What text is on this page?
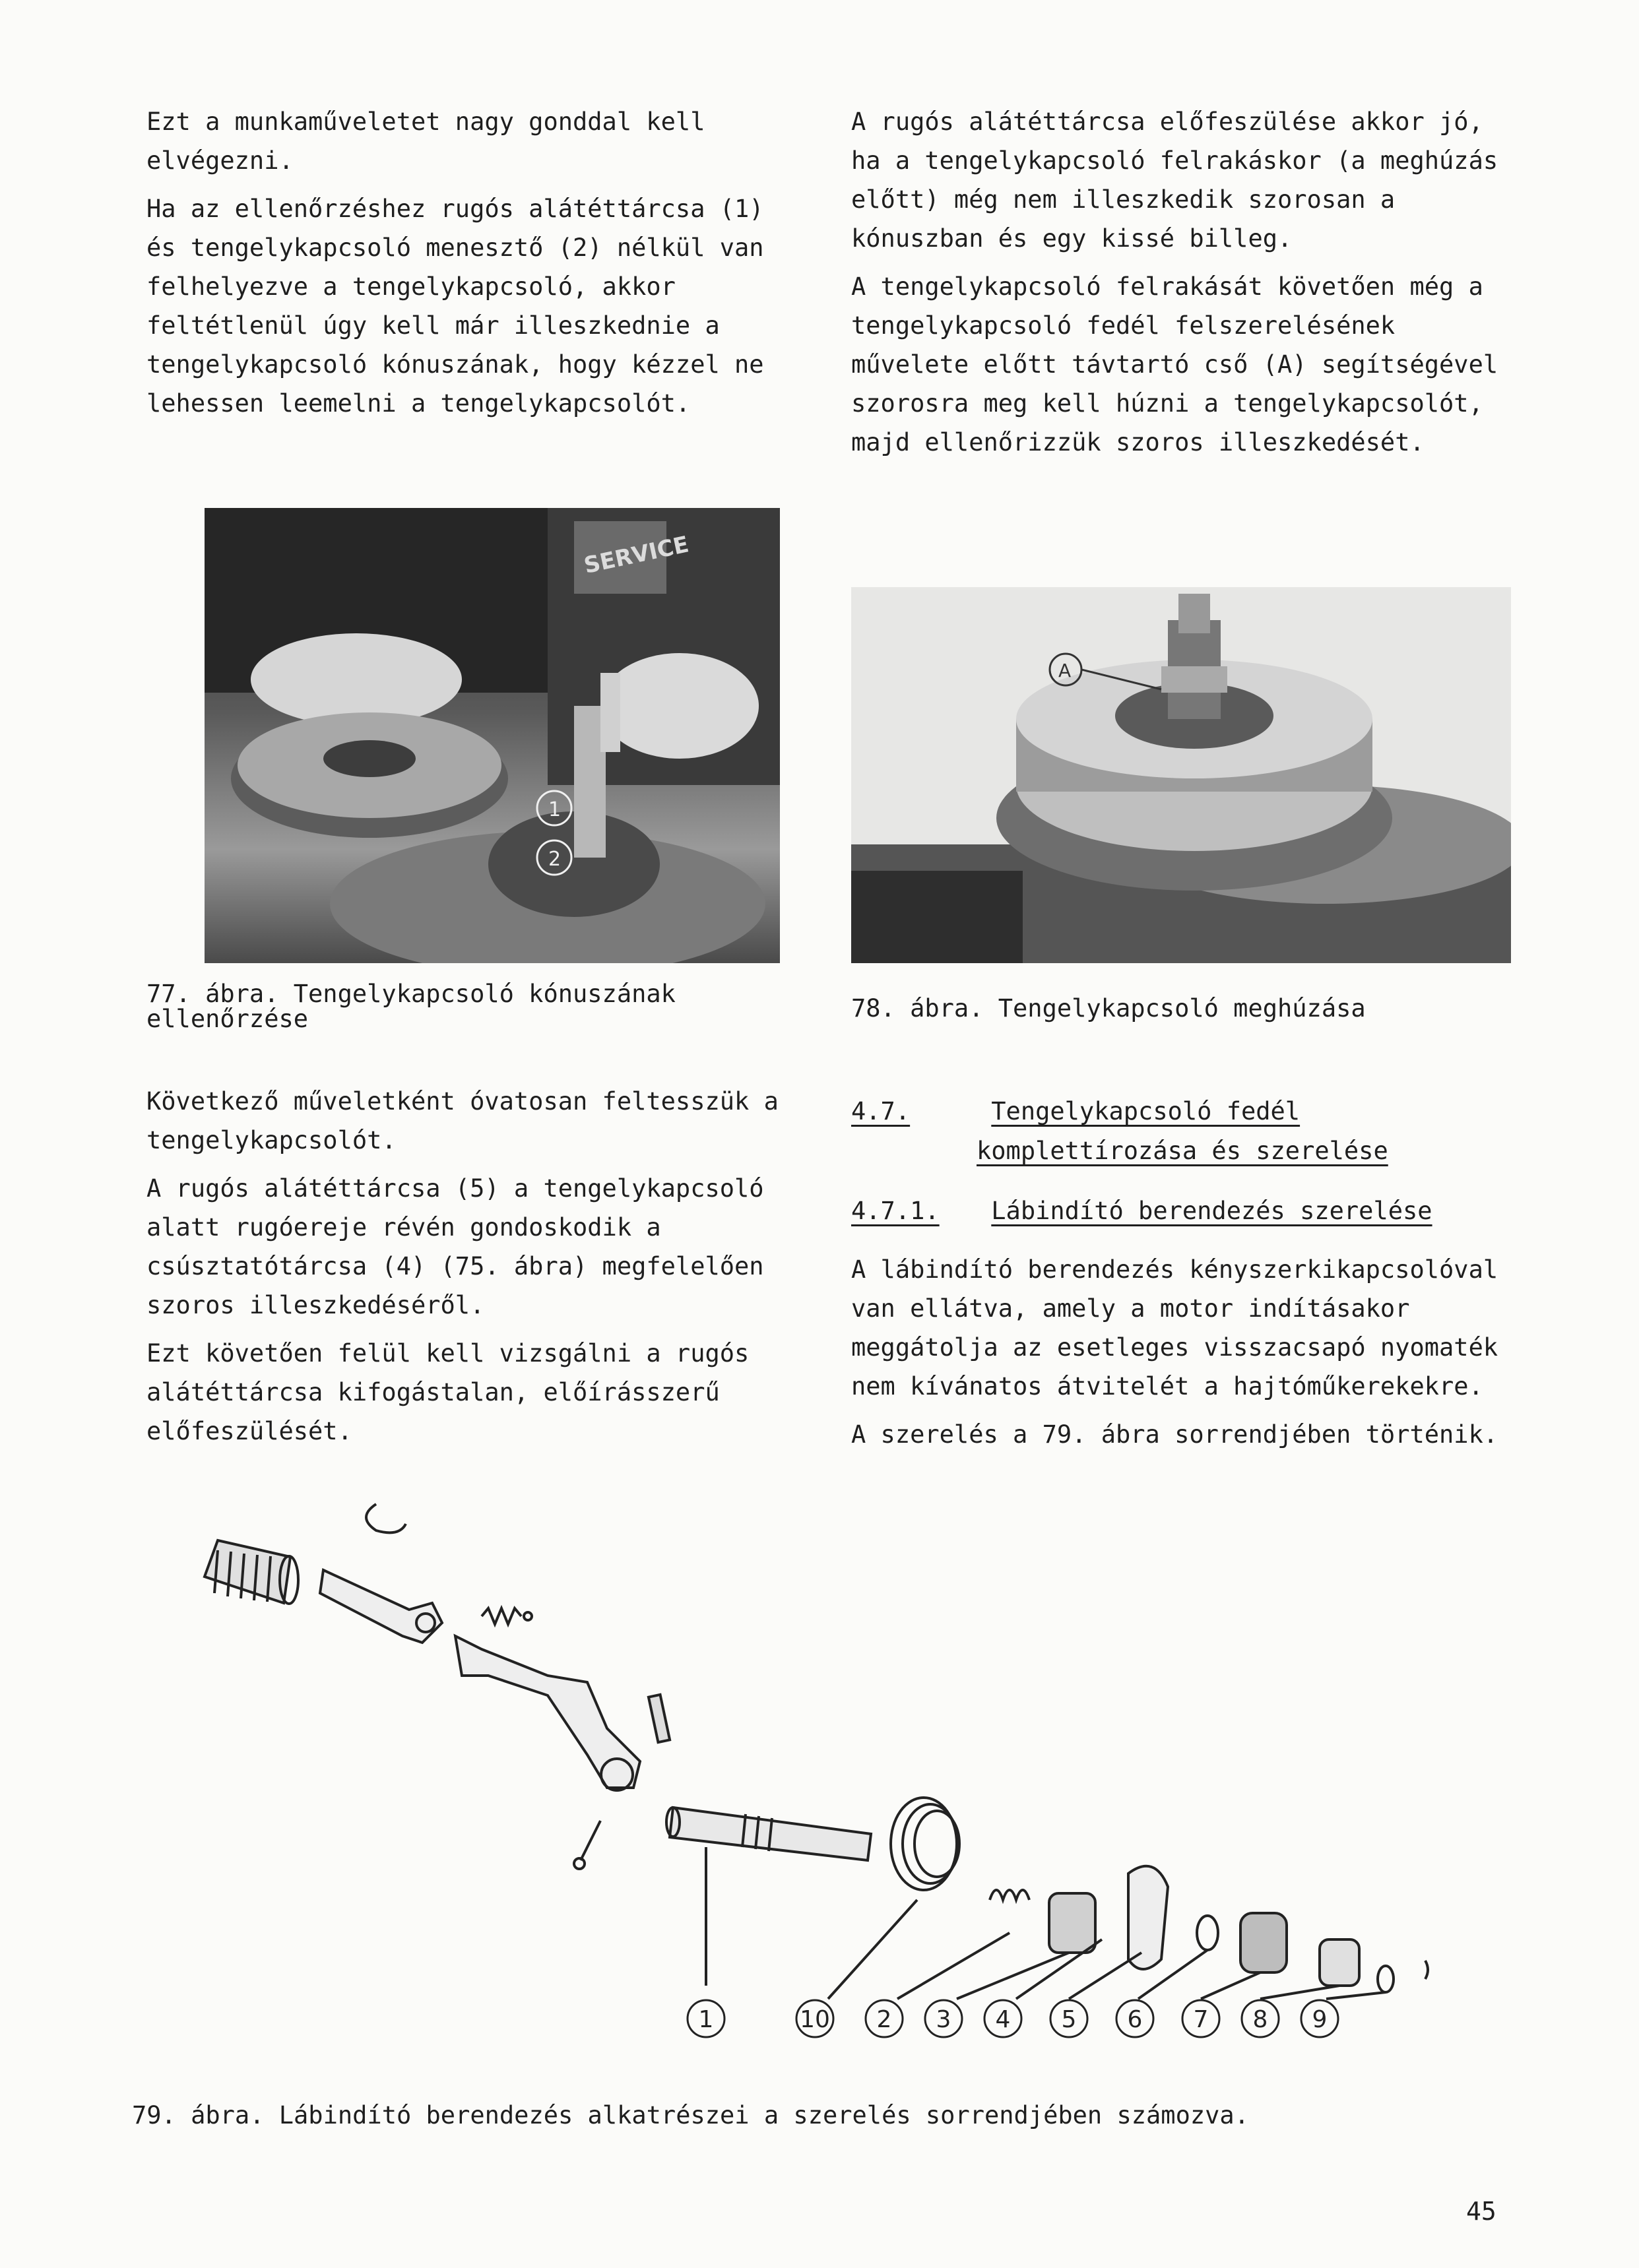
Ezt a munkaműveletet nagy gonddal kell elvégezni.

Ha az ellenőrzéshez rugós alátéttárcsa (1) és tengelykapcsoló menesztő (2) nélkül van felhelyezve a tengelykapcsoló, akkor feltétlenül úgy kell már illeszkednie a tengelykapcsoló kónuszának, hogy kézzel ne lehessen leemelni a tengelykapcsolót.

A rugós alátéttárcsa előfeszülése akkor jó, ha a tengelykapcsoló felrakáskor (a meghúzás előtt) még nem illeszkedik szorosan a kónuszban és egy kissé billeg.

A tengelykapcsoló felrakását követően még a tengelykapcsoló fedél felszerelésének művelete előtt távtartó cső (A) segítségével szorosra meg kell húzni a tengelykapcsolót, majd ellenőrizzük szoros illeszkedését.

SERVICE
1
2
A
77. ábra. Tengelykapcsoló kónuszának ellenőrzése	78. ábra. Tengelykapcsoló meghúzása

Következő műveletként óvatosan feltesszük a tengelykapcsolót.

A rugós alátéttárcsa (5) a tengelykapcsoló alatt rugóereje révén gondoskodik a csúsztatótárcsa (4) (75. ábra) megfelelően szoros illeszkedéséről.

Ezt követően felül kell vizsgálni a rugós alátéttárcsa kifogástalan, előírásszerű előfeszülését.

4.7.	Tengelykapcsoló fedél
komplettírozása és szerelése
4.7.1. Lábindító berendezés szerelése

A lábindító berendezés kényszerkikapcsolóval van ellátva, amely a motor indításakor meggátolja az esetleges visszacsapó nyomaték nem kívánatos átvitelét a hajtóműkerekekre.

A szerelés a 79. ábra sorrendjében történik.

1	10 2 3 4 5 6 7 8 9
79. ábra. Lábindító berendezés alkatrészei a szerelés sorrendjében számozva.
45
